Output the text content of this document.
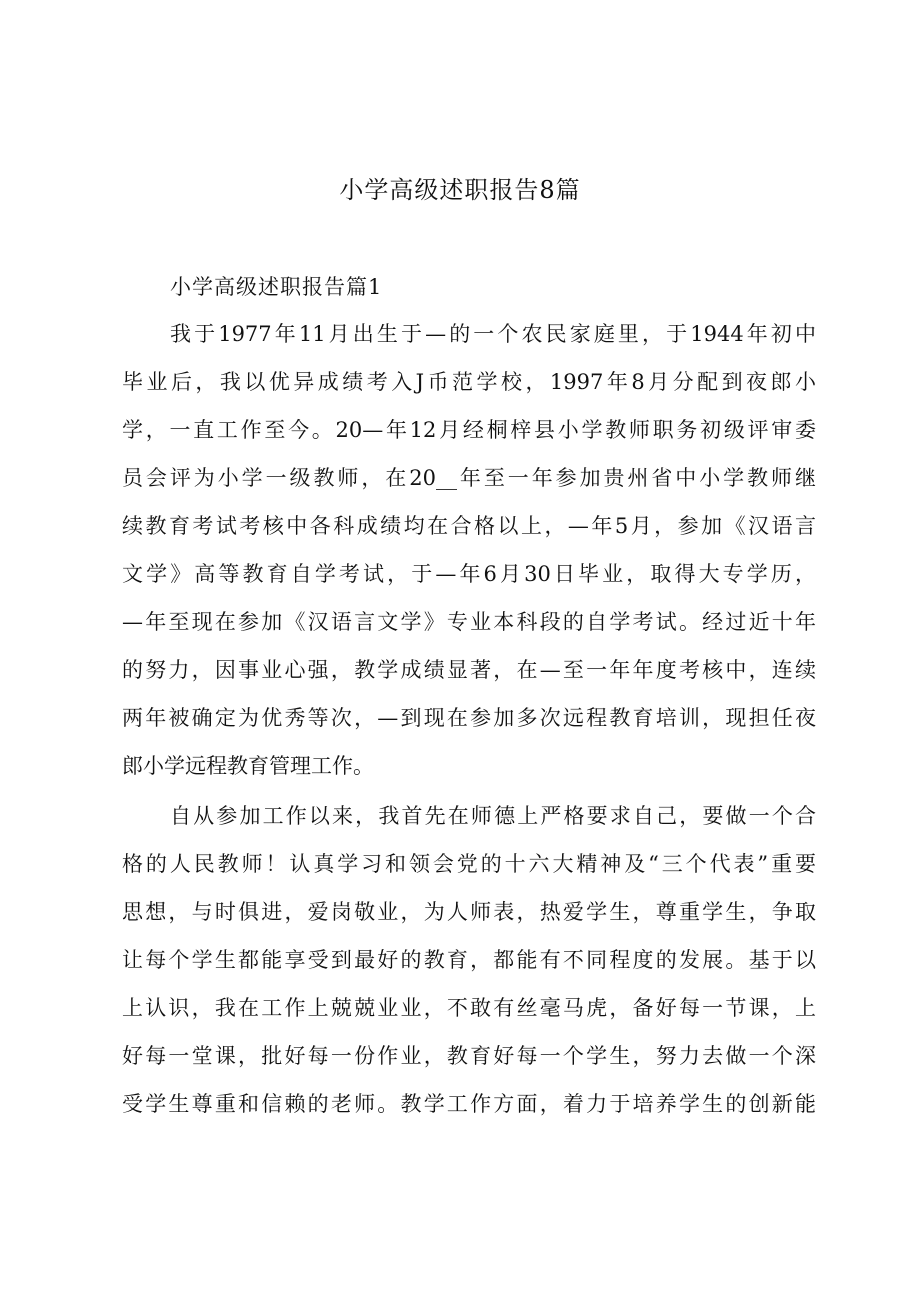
小学高级述职报告8篇
小学高级述职报告篇1
我于1977年11月出生于—的一个农民家庭里，于1944年初中
毕业后，我以优异成绩考入J币范学校，1997年8月分配到夜郎小
学，一直工作至今。20—年12月经桐梓县小学教师职务初级评审委
员会评为小学一级教师，在20__年至一年参加贵州省中小学教师继
续教育考试考核中各科成绩均在合格以上，—年5月，参加《汉语言
文学》高等教育自学考试，于—年6月30日毕业，取得大专学历，
—年至现在参加《汉语言文学》专业本科段的自学考试。经过近十年
的努力，因事业心强，教学成绩显著，在—至一年年度考核中，连续
两年被确定为优秀等次，—到现在参加多次远程教育培训，现担任夜
郎小学远程教育管理工作。
自从参加工作以来，我首先在师德上严格要求自己，要做一个合
格的人民教师！认真学习和领会党的十六大精神及“三个代表”重要
思想，与时俱进，爱岗敬业，为人师表，热爱学生，尊重学生，争取
让每个学生都能享受到最好的教育，都能有不同程度的发展。基于以
上认识，我在工作上兢兢业业，不敢有丝毫马虎，备好每一节课，上
好每一堂课，批好每一份作业，教育好每一个学生，努力去做一个深
受学生尊重和信赖的老师。教学工作方面，着力于培养学生的创新能
